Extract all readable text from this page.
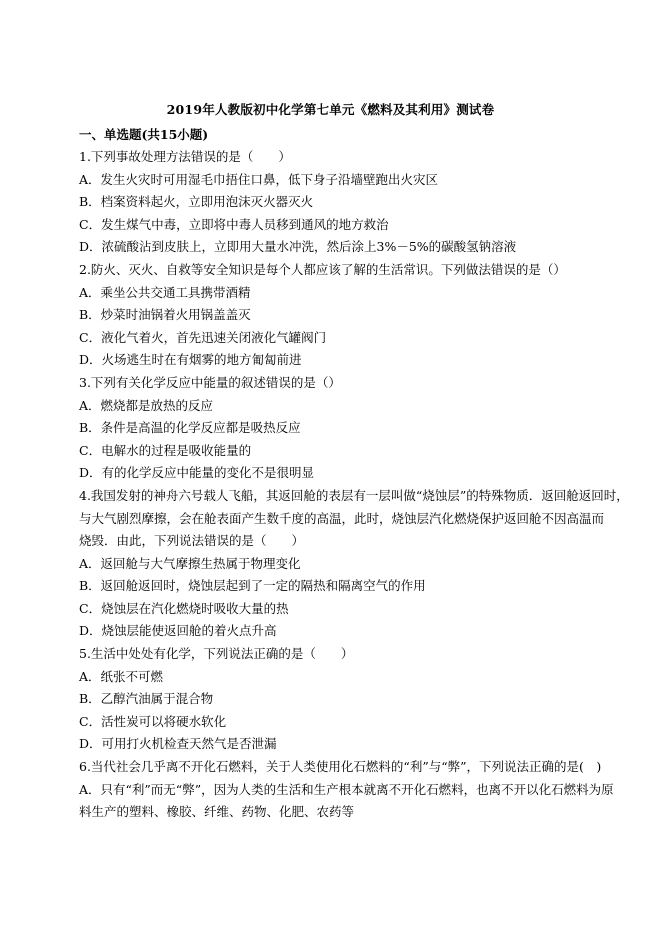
2019年人教版初中化学第七单元《燃料及其利用》测试卷
一、单选题(共15小题)
1.下列事故处理方法错误的是（　　）
A．发生火灾时可用湿毛巾捂住口鼻，低下身子沿墙壁跑出火灾区
B．档案资料起火，立即用泡沫灭火器灭火
C．发生煤气中毒，立即将中毒人员移到通风的地方救治
D．浓硫酸沾到皮肤上，立即用大量水冲洗，然后涂上3%－5%的碳酸氢钠溶液
2.防火、灭火、自救等安全知识是每个人都应该了解的生活常识。下列做法错误的是（）
A．乘坐公共交通工具携带酒精
B．炒菜时油锅着火用锅盖盖灭
C．液化气着火，首先迅速关闭液化气罐阀门
D．火场逃生时在有烟雾的地方匍匐前进
3.下列有关化学反应中能量的叙述错误的是（）
A．燃烧都是放热的反应
B．条件是高温的化学反应都是吸热反应
C．电解水的过程是吸收能量的
D．有的化学反应中能量的变化不是很明显
4.我国发射的神舟六号载人飞船，其返回舱的表层有一层叫做“烧蚀层”的特殊物质．返回舱返回时，
与大气剧烈摩擦，会在舱表面产生数千度的高温，此时，烧蚀层汽化燃烧保护返回舱不因高温而
烧毁．由此，下列说法错误的是（　　）
A．返回舱与大气摩擦生热属于物理变化
B．返回舱返回时，烧蚀层起到了一定的隔热和隔离空气的作用
C．烧蚀层在汽化燃烧时吸收大量的热
D．烧蚀层能使返回舱的着火点升高
5.生活中处处有化学，下列说法正确的是（　　）
A．纸张不可燃
B．乙醇汽油属于混合物
C．活性炭可以将硬水软化
D．可用打火机检查天然气是否泄漏
6.当代社会几乎离不开化石燃料，关于人类使用化石燃料的“利”与“弊”，下列说法正确的是(　)
A．只有“利”而无“弊”，因为人类的生活和生产根本就离不开化石燃料，也离不开以化石燃料为原
料生产的塑料、橡胶、纤维、药物、化肥、农药等
